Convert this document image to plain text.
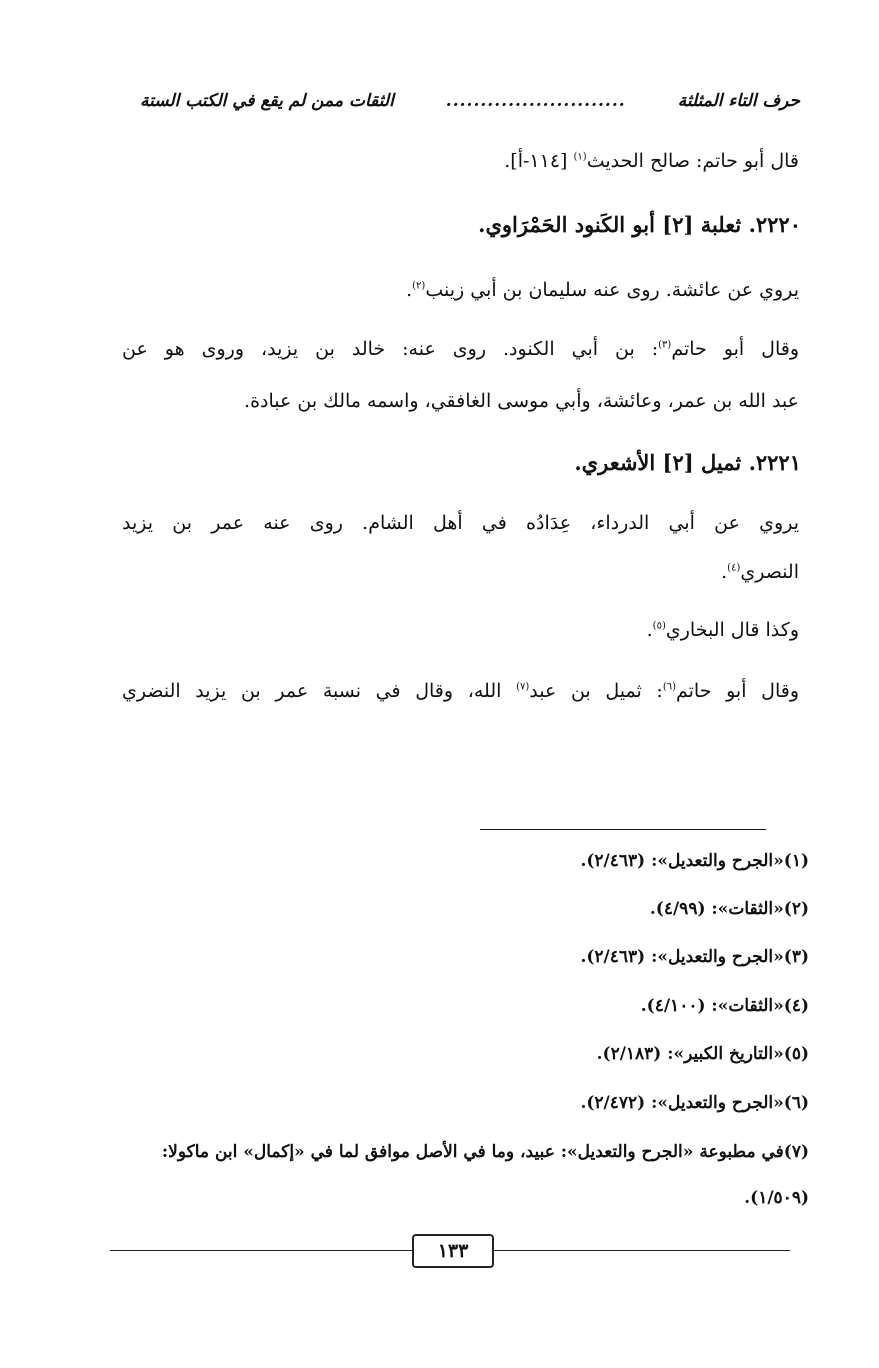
حرف التاء المثلثة
..........................
الثقات ممن لم يقع في الكتب الستة
قال أبو حاتم: صالح الحديث$^{(١)}$ [١١٤-أ].
٢٢٢٠. ثعلبة [٢] أبو الكَنود الحَمْرَاوي.
يروي عن عائشة. روى عنه سليمان بن أبي زينب$^{(٢)}$.
وقال أبو حاتم$^{(٣)}$: بن أبي الكنود. روى عنه: خالد بن يزيد، وروى هو عن
عبد الله بن عمر، وعائشة، وأبي موسى الغافقي، واسمه مالك بن عبادة.
٢٢٢١. ثميل [٢] الأشعري.
يروي عن أبي الدرداء، عِدَادُه في أهل الشام. روى عنه عمر بن يزيد
النصري$^{(٤)}$.
وكذا قال البخاري$^{(٥)}$.
وقال أبو حاتم$^{(٦)}$: ثميل بن عبد$^{(٧)}$ الله، وقال في نسبة عمر بن يزيد النضري
(١)«الجرح والتعديل»: (٢/٤٦٣).
(٢)«الثقات»: (٤/٩٩).
(٣)«الجرح والتعديل»: (٢/٤٦٣).
(٤)«الثقات»: (٤/١٠٠).
(٥)«التاريخ الكبير»: (٢/١٨٣).
(٦)«الجرح والتعديل»: (٢/٤٧٢).
(٧)في مطبوعة «الجرح والتعديل»: عبيد، وما في الأصل موافق لما في «إكمال» ابن ماكولا:
(١/٥٠٩).
١٣٣
